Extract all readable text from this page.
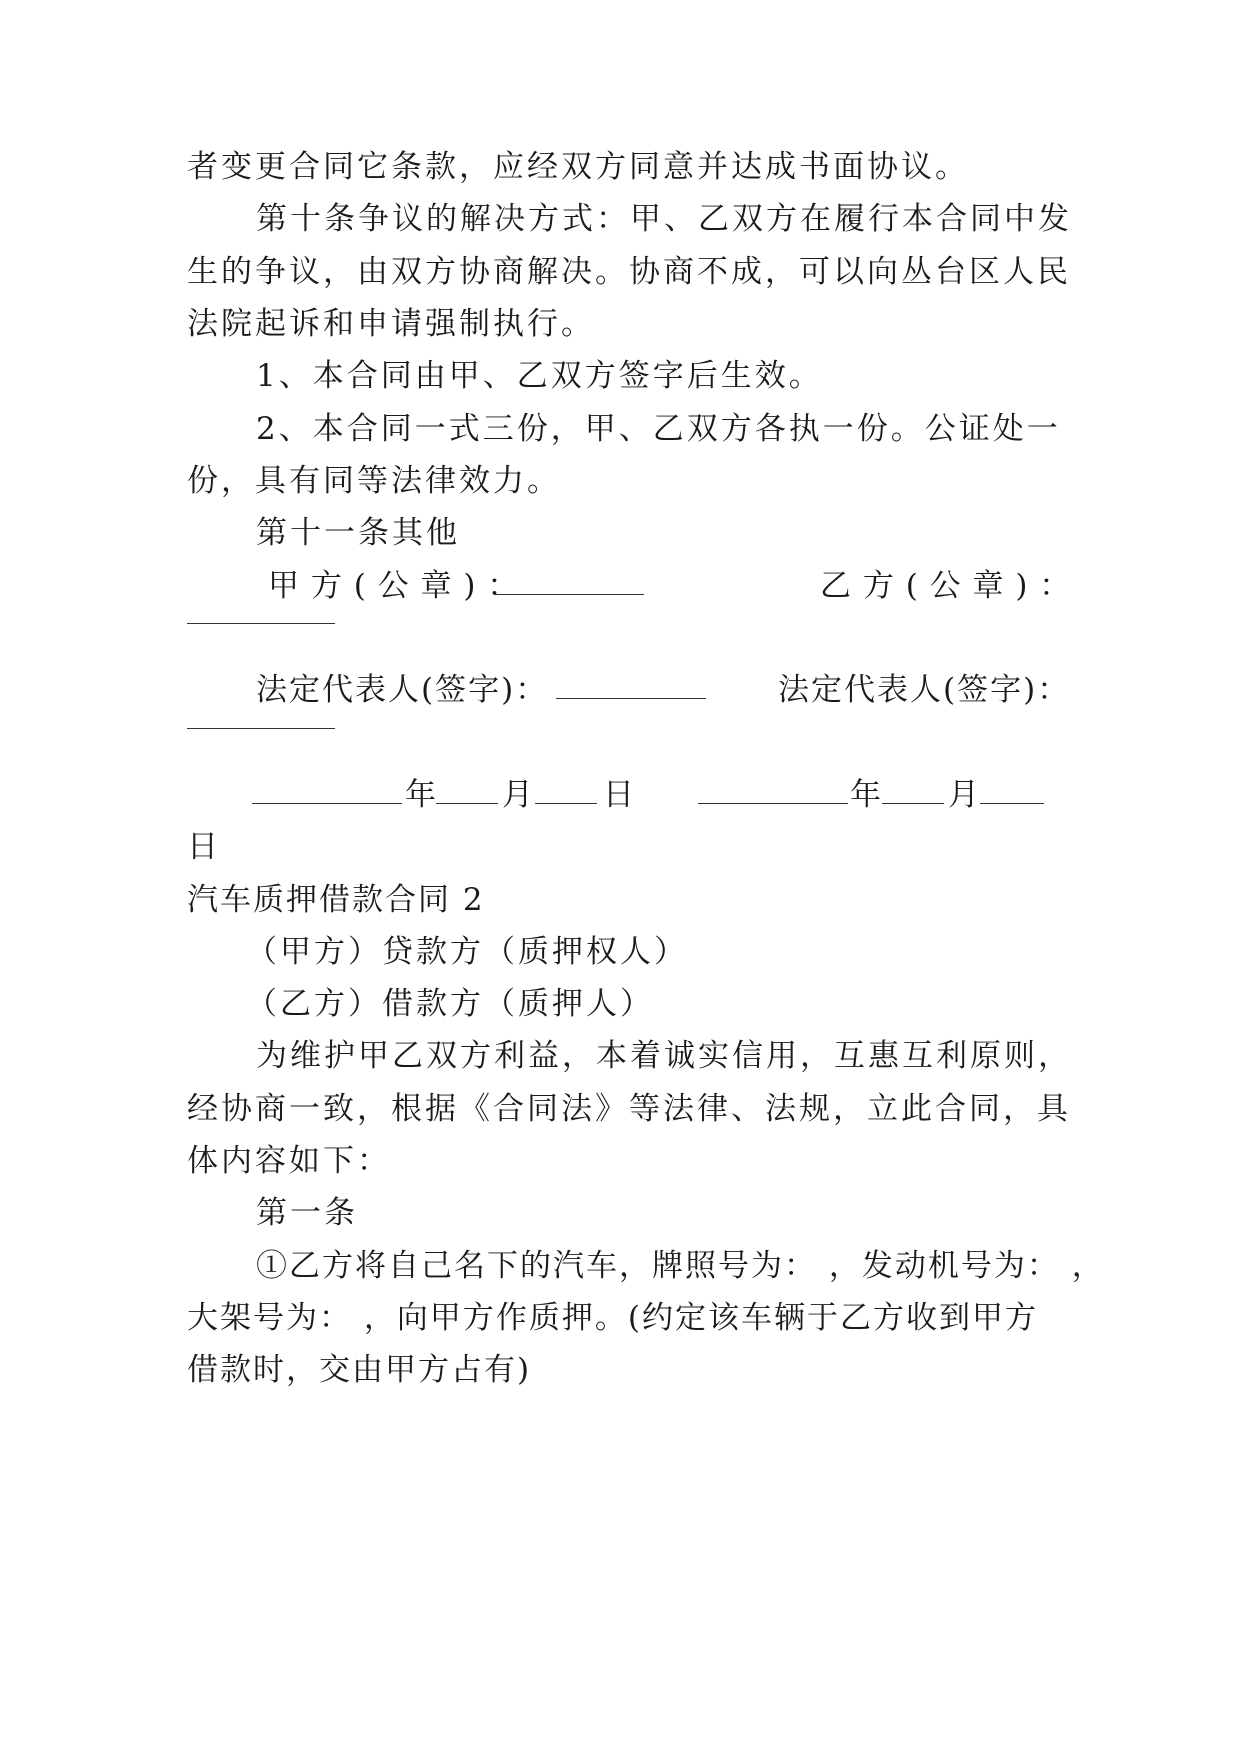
者变更合同它条款，应经双方同意并达成书面协议。
第十条争议的解决方式：甲、乙双方在履行本合同中发
生的争议，由双方协商解决。协商不成，可以向丛台区人民
法院起诉和申请强制执行。
1、本合同由甲、乙双方签字后生效。
2、本合同一式三份，甲、乙双方各执一份。公证处一
份，具有同等法律效力。
第十一条其他
甲 方 ( 公 章 ) ：	乙 方 ( 公 章 ) ：
法定代表人(签字)：	法定代表人(签字)：
年 月 日	年 月
日
汽车质押借款合同 2
（甲方）贷款方（质押权人）
（乙方）借款方（质押人）
为维护甲乙双方利益，本着诚实信用，互惠互利原则，
经协商一致，根据《合同法》等法律、法规，立此合同，具
体内容如下：
第一条
①乙方将自己名下的汽车，牌照号为： ，发动机号为： ，
大架号为： ，向甲方作质押。(约定该车辆于乙方收到甲方
借款时，交由甲方占有)
